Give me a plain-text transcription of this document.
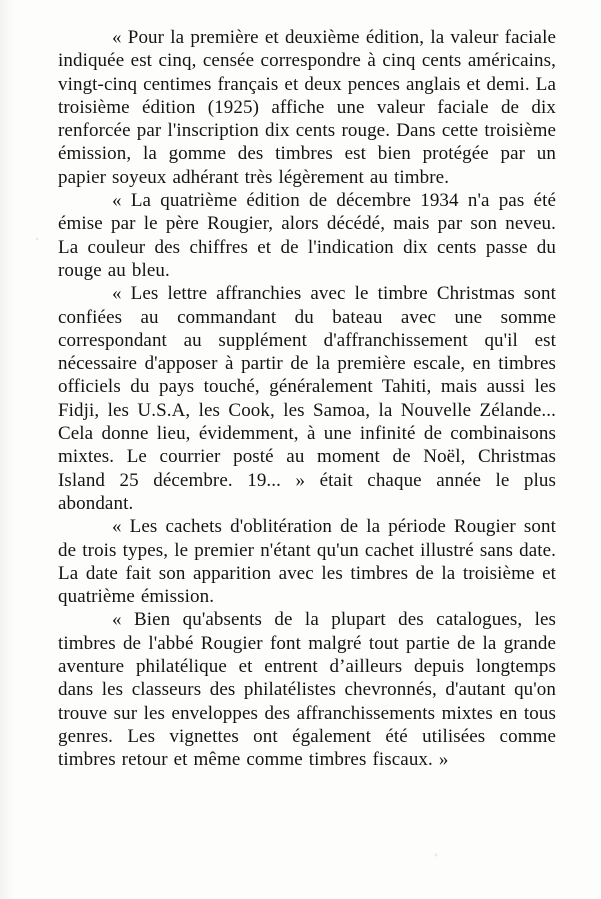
« Pour la première et deuxième édition, la valeur faciale indiquée est cinq, censée correspondre à cinq cents américains, vingt-cinq centimes français et deux pences anglais et demi. La troisième édition (1925) affiche une valeur faciale de dix renforcée par l'inscription dix cents rouge. Dans cette troisième émission, la gomme des timbres est bien protégée par un papier soyeux adhérant très légèrement au timbre.

« La quatrième édition de décembre 1934 n'a pas été émise par le père Rougier, alors décédé, mais par son neveu. La couleur des chiffres et de l'indication dix cents passe du rouge au bleu.

« Les lettre affranchies avec le timbre Christmas sont confiées au commandant du bateau avec une somme correspondant au supplément d'affranchissement qu'il est nécessaire d'apposer à partir de la première escale, en timbres officiels du pays touché, généralement Tahiti, mais aussi les Fidji, les U.S.A, les Cook, les Samoa, la Nouvelle Zélande... Cela donne lieu, évidemment, à une infinité de combinaisons mixtes. Le courrier posté au moment de Noël, Christmas Island 25 décembre. 19... » était chaque année le plus abondant.

« Les cachets d'oblitération de la période Rougier sont de trois types, le premier n'étant qu'un cachet illustré sans date. La date fait son apparition avec les timbres de la troisième et quatrième émission.

« Bien qu'absents de la plupart des catalogues, les timbres de l'abbé Rougier font malgré tout partie de la grande aventure philatélique et entrent d’ailleurs depuis longtemps dans les classeurs des philatélistes chevronnés, d'autant qu'on trouve sur les enveloppes des affranchissements mixtes en tous genres. Les vignettes ont également été utilisées comme timbres retour et même comme timbres fiscaux. »
